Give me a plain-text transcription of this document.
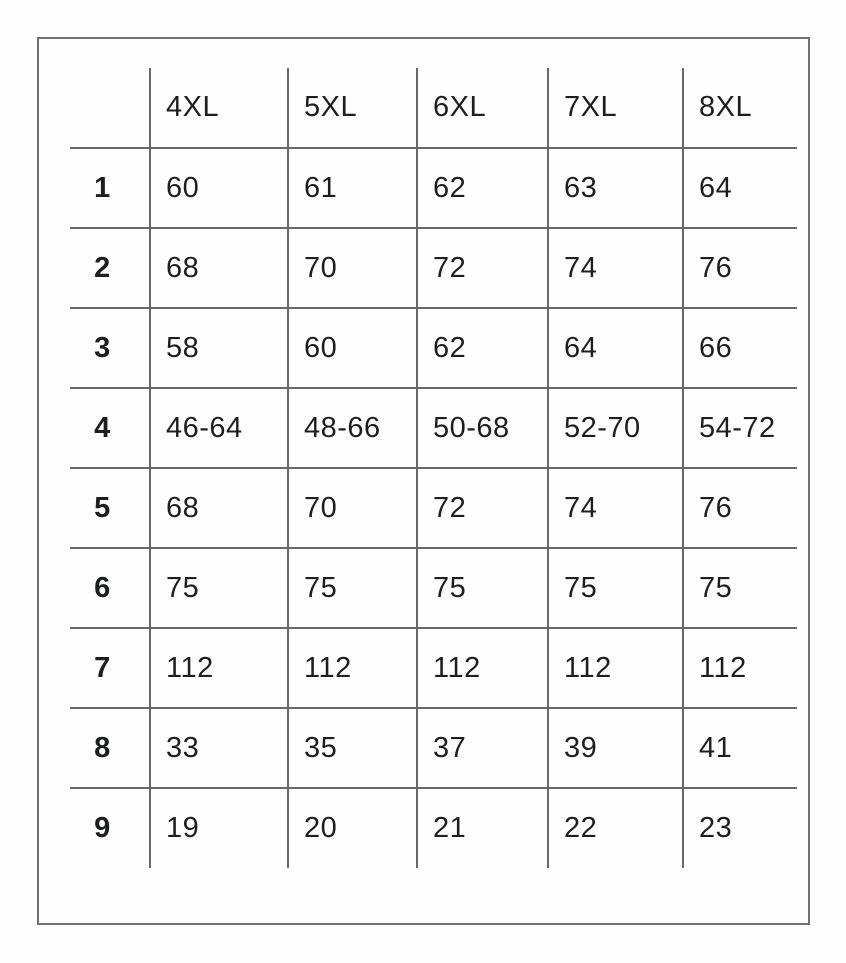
	4XL	5XL	6XL	7XL	8XL
1	60	61	62	63	64
2	68	70	72	74	76
3	58	60	62	64	66
4	46-64	48-66	50-68	52-70	54-72
5	68	70	72	74	76
6	75	75	75	75	75
7	112	112	112	112	112
8	33	35	37	39	41
9	19	20	21	22	23
